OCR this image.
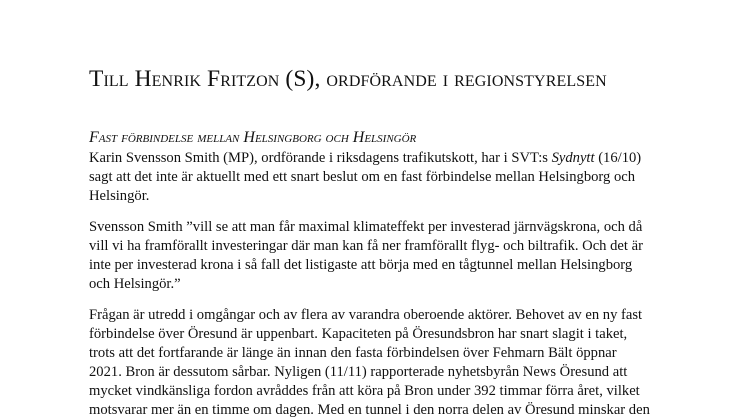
Till Henrik Fritzon (S), ordförande i regionstyrelsen
Fast förbindelse mellan Helsingborg och Helsingör
Karin Svensson Smith (MP), ordförande i riksdagens trafikutskott, har i SVT:s Sydnytt (16/10)
sagt att det inte är aktuellt med ett snart beslut om en fast förbindelse mellan Helsingborg och
Helsingör.
Svensson Smith ”vill se att man får maximal klimateffekt per investerad järnvägskrona, och då
vill vi ha framförallt investeringar där man kan få ner framförallt flyg- och biltrafik. Och det är
inte per investerad krona i så fall det listigaste att börja med en tågtunnel mellan Helsingborg
och Helsingör.”
Frågan är utredd i omgångar och av flera av varandra oberoende aktörer. Behovet av en ny fast
förbindelse över Öresund är uppenbart. Kapaciteten på Öresundsbron har snart slagit i taket,
trots att det fortfarande är länge än innan den fasta förbindelsen över Fehmarn Bält öppnar
2021. Bron är dessutom sårbar. Nyligen (11/11) rapporterade nyhetsbyrån News Öresund att
mycket vindkänsliga fordon avråddes från att köra på Bron under 392 timmar förra året, vilket
motsvarar mer än en timme om dagen. Med en tunnel i den norra delen av Öresund minskar den
